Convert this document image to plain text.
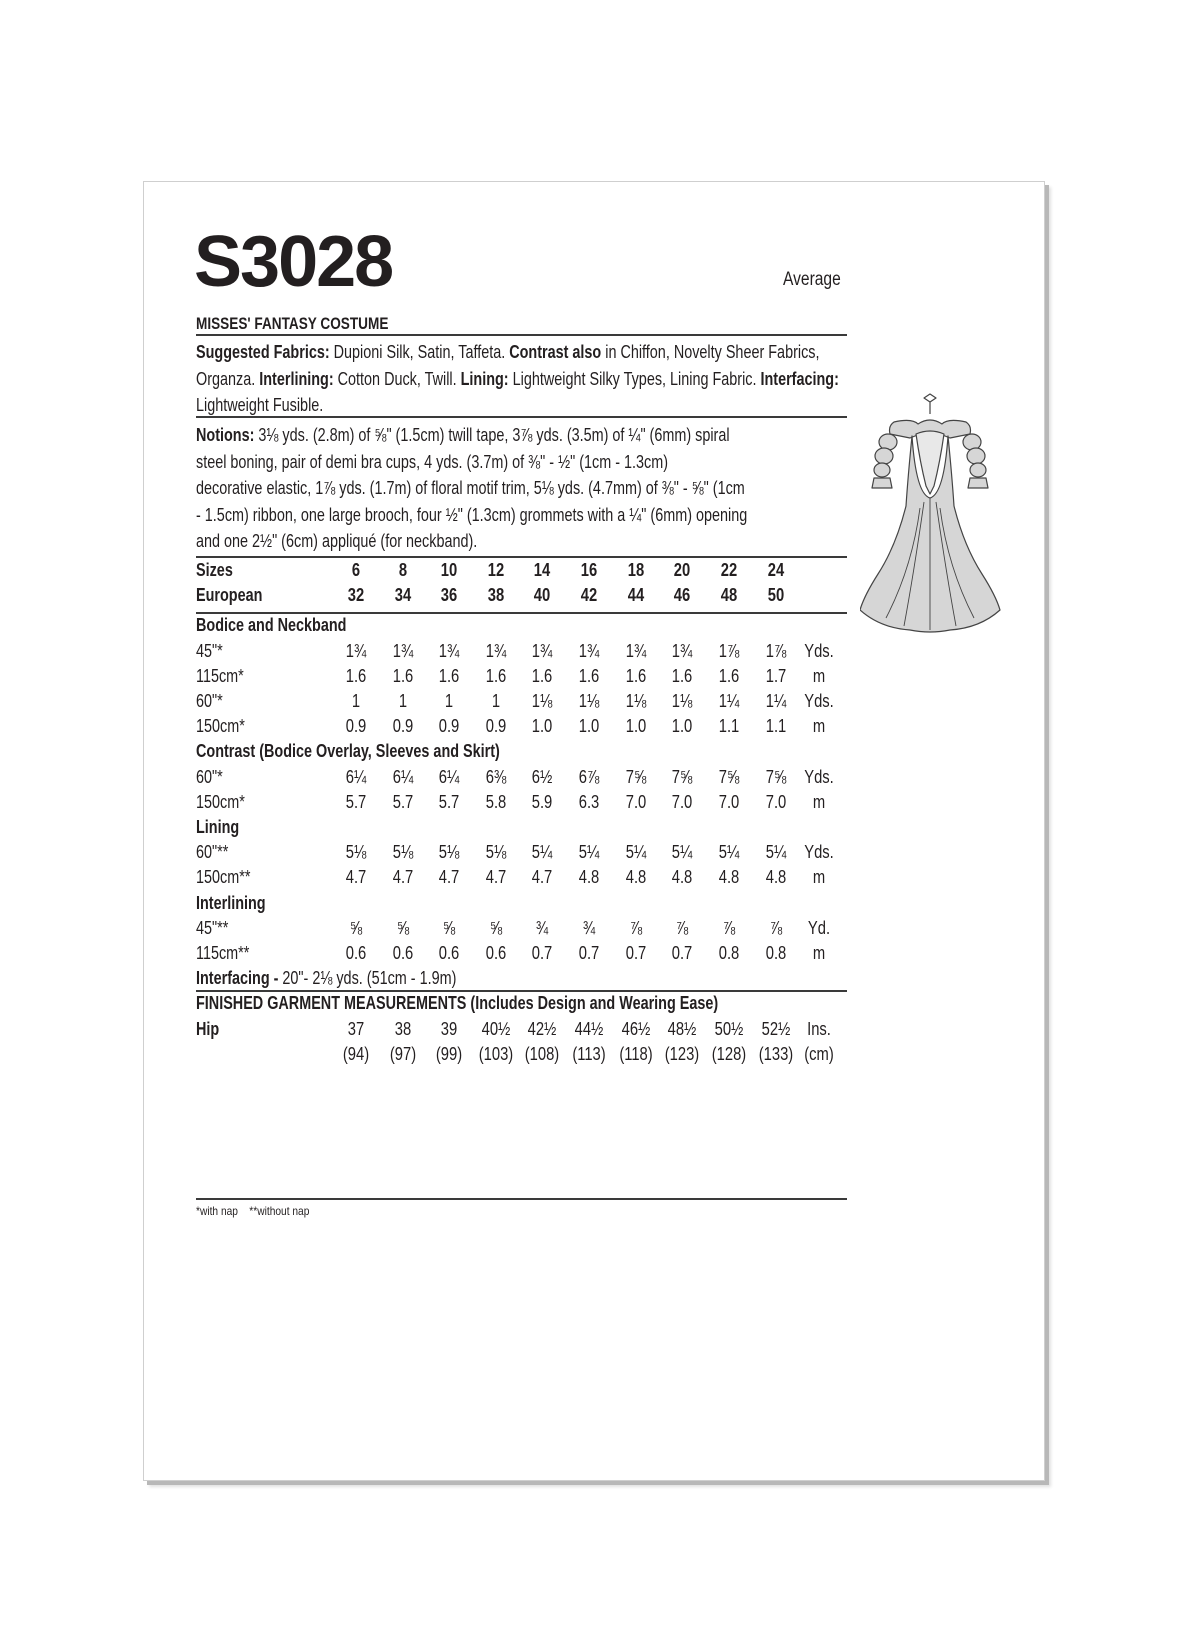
S3028	Average
MISSES' FANTASY COSTUME
Suggested Fabrics: Dupioni Silk, Satin, Taffeta. Contrast also in Chiffon, Novelty Sheer Fabrics, Organza. Interlining: Cotton Duck, Twill. Lining: Lightweight Silky Types, Lining Fabric. Interfacing: Lightweight Fusible.
Notions: 3⅛ yds. (2.8m) of ⅝" (1.5cm) twill tape, 3⅞ yds. (3.5m) of ¼" (6mm) spiral
steel boning, pair of demi bra cups, 4 yds. (3.7m) of ⅜" - ½" (1cm - 1.3cm)
decorative elastic, 1⅞ yds. (1.7m) of floral motif trim, 5⅛ yds. (4.7mm) of ⅜" - ⅝" (1cm
- 1.5cm) ribbon, one large brooch, four ½" (1.3cm) grommets with a ¼" (6mm) opening
and one 2½" (6cm) appliqué (for neckband).
Sizes	6	8	10	12	14	16	18	20	22	24
European	32	34	36	38	40	42	44	46	48	50
Bodice and Neckband
45"*	1¾	1¾	1¾	1¾	1¾	1¾	1¾	1¾	1⅞	1⅞ Yds.
115cm*	1.6	1.6	1.6	1.6	1.6	1.6	1.6	1.6	1.6	1.7	m
60"*	1	1	1	1	1⅛	1⅛	1⅛	1⅛	1¼	1¼ Yds.
150cm*	0.9	0.9	0.9	0.9	1.0	1.0	1.0	1.0	1.1	1.1	m
Contrast (Bodice Overlay, Sleeves and Skirt)
60"*	6¼	6¼	6¼	6⅜	6½	6⅞	7⅝	7⅝	7⅝	7⅝ Yds.
150cm*	5.7	5.7	5.7	5.8	5.9	6.3	7.0	7.0	7.0	7.0	m
Lining
60"**	5⅛	5⅛	5⅛	5⅛	5¼	5¼	5¼	5¼	5¼	5¼ Yds.
150cm**	4.7	4.7	4.7	4.7	4.7	4.8	4.8	4.8	4.8	4.8	m
Interlining
45"**	⅝	⅝	⅝	⅝	¾	¾	⅞	⅞	⅞	⅞	Yd.
115cm**	0.6	0.6	0.6	0.6	0.7	0.7	0.7	0.7	0.8	0.8	m
Interfacing - 20"- 2⅛ yds. (51cm - 1.9m)
FINISHED GARMENT MEASUREMENTS (Includes Design and Wearing Ease)
Hip	37	38	39	40½ 42½ 44½ 46½ 48½ 50½ 52½ Ins.
(94)	(97)	(99) (103) (108) (113) (118) (123) (128) (133) (cm)
*with nap    **without nap
